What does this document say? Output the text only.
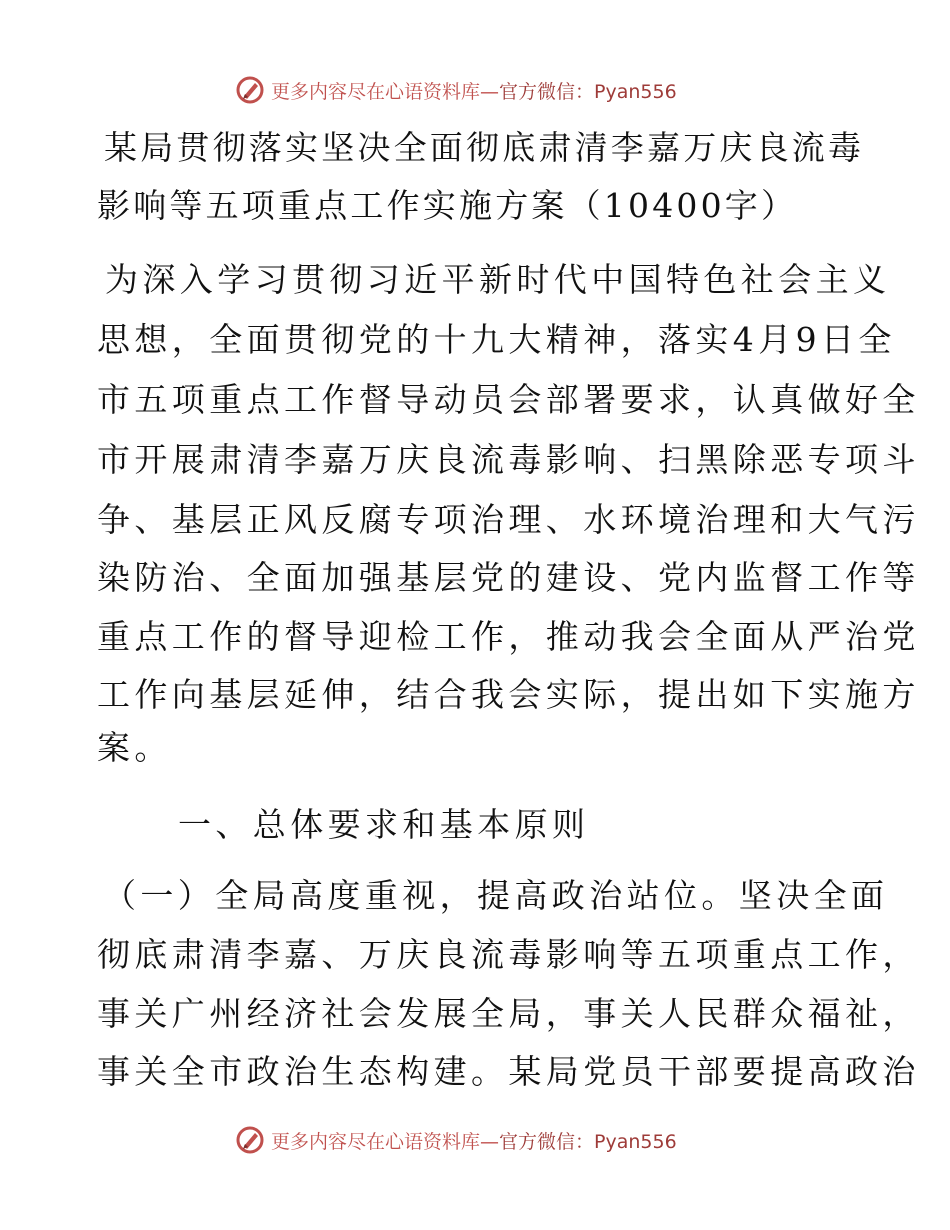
更多内容尽在心语资料库—官方微信：Pyan556
某局贯彻落实坚决全面彻底肃清李嘉万庆良流毒
影响等五项重点工作实施方案（10400字）
为深入学习贯彻习近平新时代中国特色社会主义
思想，全面贯彻党的十九大精神，落实4月9日全
市五项重点工作督导动员会部署要求，认真做好全
市开展肃清李嘉万庆良流毒影响、扫黑除恶专项斗
争、基层正风反腐专项治理、水环境治理和大气污
染防治、全面加强基层党的建设、党内监督工作等
重点工作的督导迎检工作，推动我会全面从严治党
工作向基层延伸，结合我会实际，提出如下实施方
案。
一、总体要求和基本原则
（一）全局高度重视，提高政治站位。坚决全面
彻底肃清李嘉、万庆良流毒影响等五项重点工作，
事关广州经济社会发展全局，事关人民群众福祉，
事关全市政治生态构建。某局党员干部要提高政治
更多内容尽在心语资料库—官方微信：Pyan556
